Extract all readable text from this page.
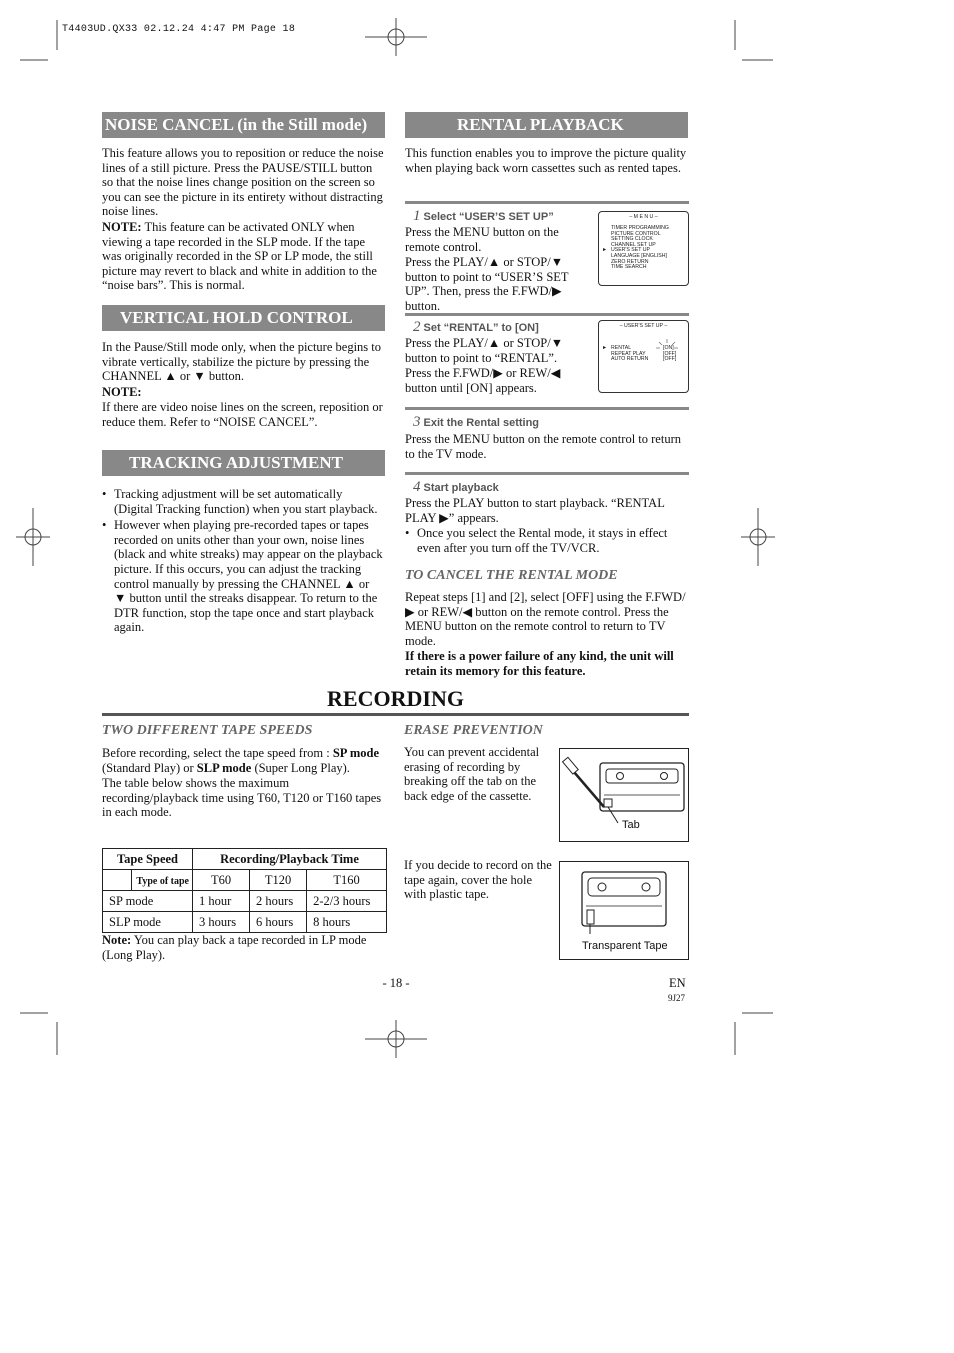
T4403UD.QX33 02.12.24 4:47 PM Page 18
NOISE CANCEL (in the Still mode)

This feature allows you to reposition or reduce the noise lines of a still picture. Press the PAUSE/STILL button so that the noise lines change position on the screen so you can see the picture in its entirety without distracting noise lines.

NOTE: This feature can be activated ONLY when viewing a tape recorded in the SLP mode. If the tape was originally recorded in the SP or LP mode, the still picture may revert to black and white in addition to the “noise bars”. This is normal.

VERTICAL HOLD CONTROL

In the Pause/Still mode only, when the picture begins to vibrate vertically, stabilize the picture by pressing the CHANNEL ▲ or ▼ button.

NOTE:

If there are video noise lines on the screen, reposition or reduce them. Refer to “NOISE CANCEL”.

TRACKING ADJUSTMENT
• Tracking adjustment will be set automatically (Digital Tracking function) when you start playback.
• However when playing pre-recorded tapes or tapes recorded on units other than your own, noise lines (black and white streaks) may appear on the playback picture. If this occurs, you can adjust the tracking control manually by pressing the CHANNEL ▲ or ▼ button until the streaks disappear. To return to the DTR function, stop the tape once and start playback again.
RENTAL PLAYBACK
This function enables you to improve the picture quality when playing back worn cassettes such as rented tapes.
1 Select “USER’S SET UP”

Press the MENU button on the remote control.

Press the PLAY/▲ or STOP/▼ button to point to “USER’S SET UP”. Then, press the F.FWD/▶ button.

– M E N U –
TIMER PROGRAMMING
PICTURE CONTROL
SETTING CLOCK
CHANNEL SET UP
USER'S SET UP
LANGUAGE [ENGLISH]
ZERO RETURN
TIME SEARCH
►
2 Set “RENTAL” to [ON]

Press the PLAY/▲ or STOP/▼ button to point to “RENTAL”.

Press the F.FWD/▶ or REW/◀ button until [ON] appears.

– USER'S SET UP –
RENTAL
REPEAT PLAY
AUTO RETURN
[ON]
[OFF]
[OFF]
►
3 Exit the Rental setting

Press the MENU button on the remote control to return to the TV mode.

4 Start playback

Press the PLAY button to start playback. “RENTAL PLAY ▶” appears.

• Once you select the Rental mode, it stays in effect even after you turn off the TV/VCR.
TO CANCEL THE RENTAL MODE

Repeat steps [1] and [2], select [OFF] using the F.FWD/▶ or REW/◀ button on the remote control. Press the MENU button on the remote control to return to TV mode.

If there is a power failure of any kind, the unit will retain its memory for this feature.

RECORDING
TWO DIFFERENT TAPE SPEEDS

Before recording, select the tape speed from : SP mode (Standard Play) or SLP mode (Super Long Play).

The table below shows the maximum recording/playback time using T60, T120 or T160 tapes in each mode.

Tape Speed	Recording/Playback Time		

Type of tape	T60	T120	T160
SP mode	1 hour	2 hours	2-2/3 hours
SLP mode	3 hours	6 hours	8 hours
Note: You can play back a tape recorded in LP mode (Long Play).
ERASE PREVENTION
You can prevent accidental erasing of recording by breaking off the tab on the back edge of the cassette.
If you decide to record on the tape again, cover the hole with plastic tape.
Tab
Transparent Tape
- 18 -	EN
9J27
